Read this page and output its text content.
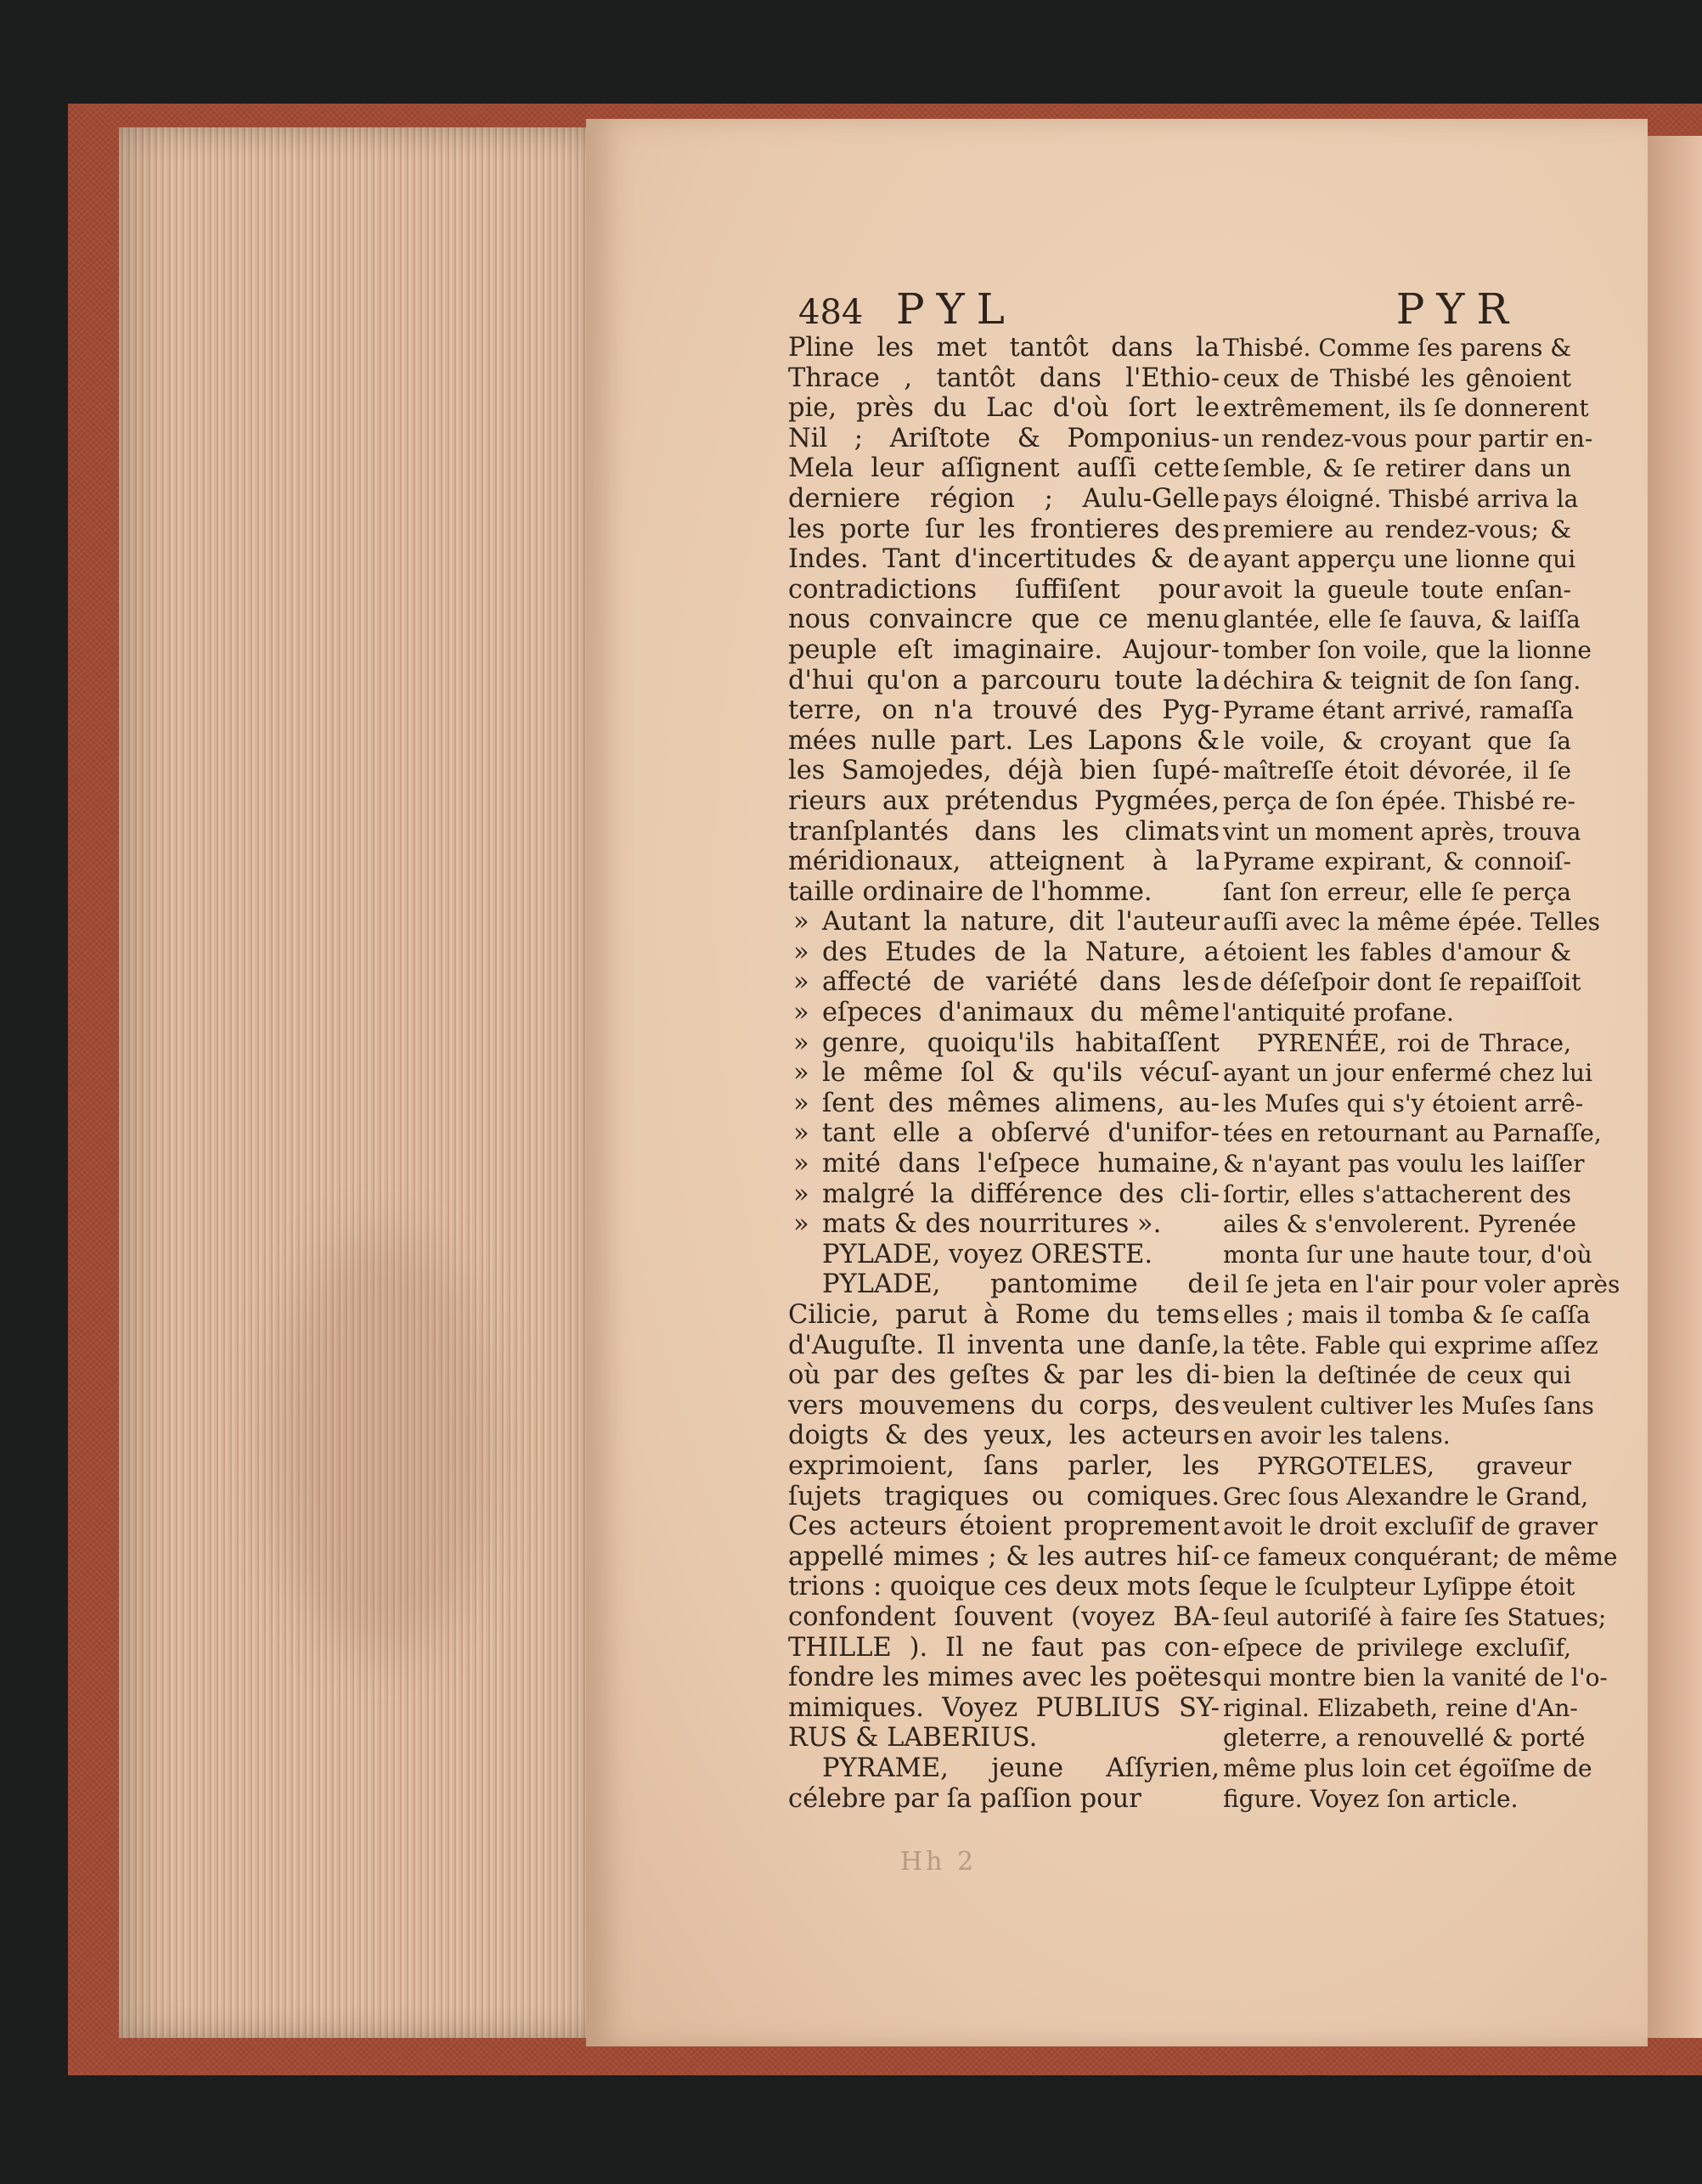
484 PYL	PYR
Pline les met tantôt dans la
Thrace , tantôt dans l'Ethio-
pie, près du Lac d'où ſort le
Nil ; Ariſtote & Pomponius-
Mela leur aſſignent auſſi cette
derniere région ; Aulu-Gelle
les porte ſur les frontieres des
Indes. Tant d'incertitudes & de
contradictions ſuffiſent pour
nous convaincre que ce menu
peuple eſt imaginaire. Aujour-
d'hui qu'on a parcouru toute la
terre, on n'a trouvé des Pyg-
mées nulle part. Les Lapons &
les Samojedes, déjà bien ſupé-
rieurs aux prétendus Pygmées,
tranſplantés dans les climats
méridionaux, atteignent à la
taille ordinaire de l'homme.
» Autant la nature, dit l'auteur
» des Etudes de la Nature, a
» affecté de variété dans les
» eſpeces d'animaux du même
» genre, quoiqu'ils habitaſſent
» le même ſol & qu'ils vécuſ-
» ſent des mêmes alimens, au-
» tant elle a obſervé d'unifor-
» mité dans l'eſpece humaine,
» malgré la différence des cli-
» mats & des nourritures ».
PYLADE, voyez ORESTE.
PYLADE, pantomime de
Cilicie, parut à Rome du tems
d'Auguſte. Il inventa une danſe,
où par des geſtes & par les di-
vers mouvemens du corps, des
doigts & des yeux, les acteurs
exprimoient, ſans parler, les
ſujets tragiques ou comiques.
Ces acteurs étoient proprement
appellé mimes ; & les autres hiſ-
trions : quoique ces deux mots ſe
confondent ſouvent (voyez BA-
THILLE ). Il ne faut pas con-
fondre les mimes avec les poëtes
mimiques. Voyez PUBLIUS SY-
RUS & LABERIUS.
PYRAME, jeune Aſſyrien,
célebre par ſa paſſion pour
Thisbé. Comme ſes parens &
ceux de Thisbé les gênoient
extrêmement, ils ſe donnerent
un rendez-vous pour partir en-
ſemble, & ſe retirer dans un
pays éloigné. Thisbé arriva la
premiere au rendez-vous; &
ayant apperçu une lionne qui
avoit la gueule toute enſan-
glantée, elle ſe ſauva, & laiſſa
tomber ſon voile, que la lionne
déchira & teignit de ſon ſang.
Pyrame étant arrivé, ramaſſa
le voile, & croyant que ſa
maîtreſſe étoit dévorée, il ſe
perça de ſon épée. Thisbé re-
vint un moment après, trouva
Pyrame expirant, & connoiſ-
ſant ſon erreur, elle ſe perça
auſſi avec la même épée. Telles
étoient les fables d'amour &
de déſeſpoir dont ſe repaiſſoit
l'antiquité profane.
PYRENÉE, roi de Thrace,
ayant un jour enfermé chez lui
les Muſes qui s'y étoient arrê-
tées en retournant au Parnaſſe,
& n'ayant pas voulu les laiſſer
ſortir, elles s'attacherent des
ailes & s'envolerent. Pyrenée
monta ſur une haute tour, d'où
il ſe jeta en l'air pour voler après
elles ; mais il tomba & ſe caſſa
la tête. Fable qui exprime aſſez
bien la deſtinée de ceux qui
veulent cultiver les Muſes ſans
en avoir les talens.
PYRGOTELES, graveur
Grec ſous Alexandre le Grand,
avoit le droit excluſif de graver
ce fameux conquérant; de même
que le ſculpteur Lyſippe étoit
ſeul autoriſé à faire ſes Statues;
eſpece de privilege excluſif,
qui montre bien la vanité de l'o-
riginal. Elizabeth, reine d'An-
gleterre, a renouvellé & porté
même plus loin cet égoïſme de
figure. Voyez ſon article.
Hh 2
